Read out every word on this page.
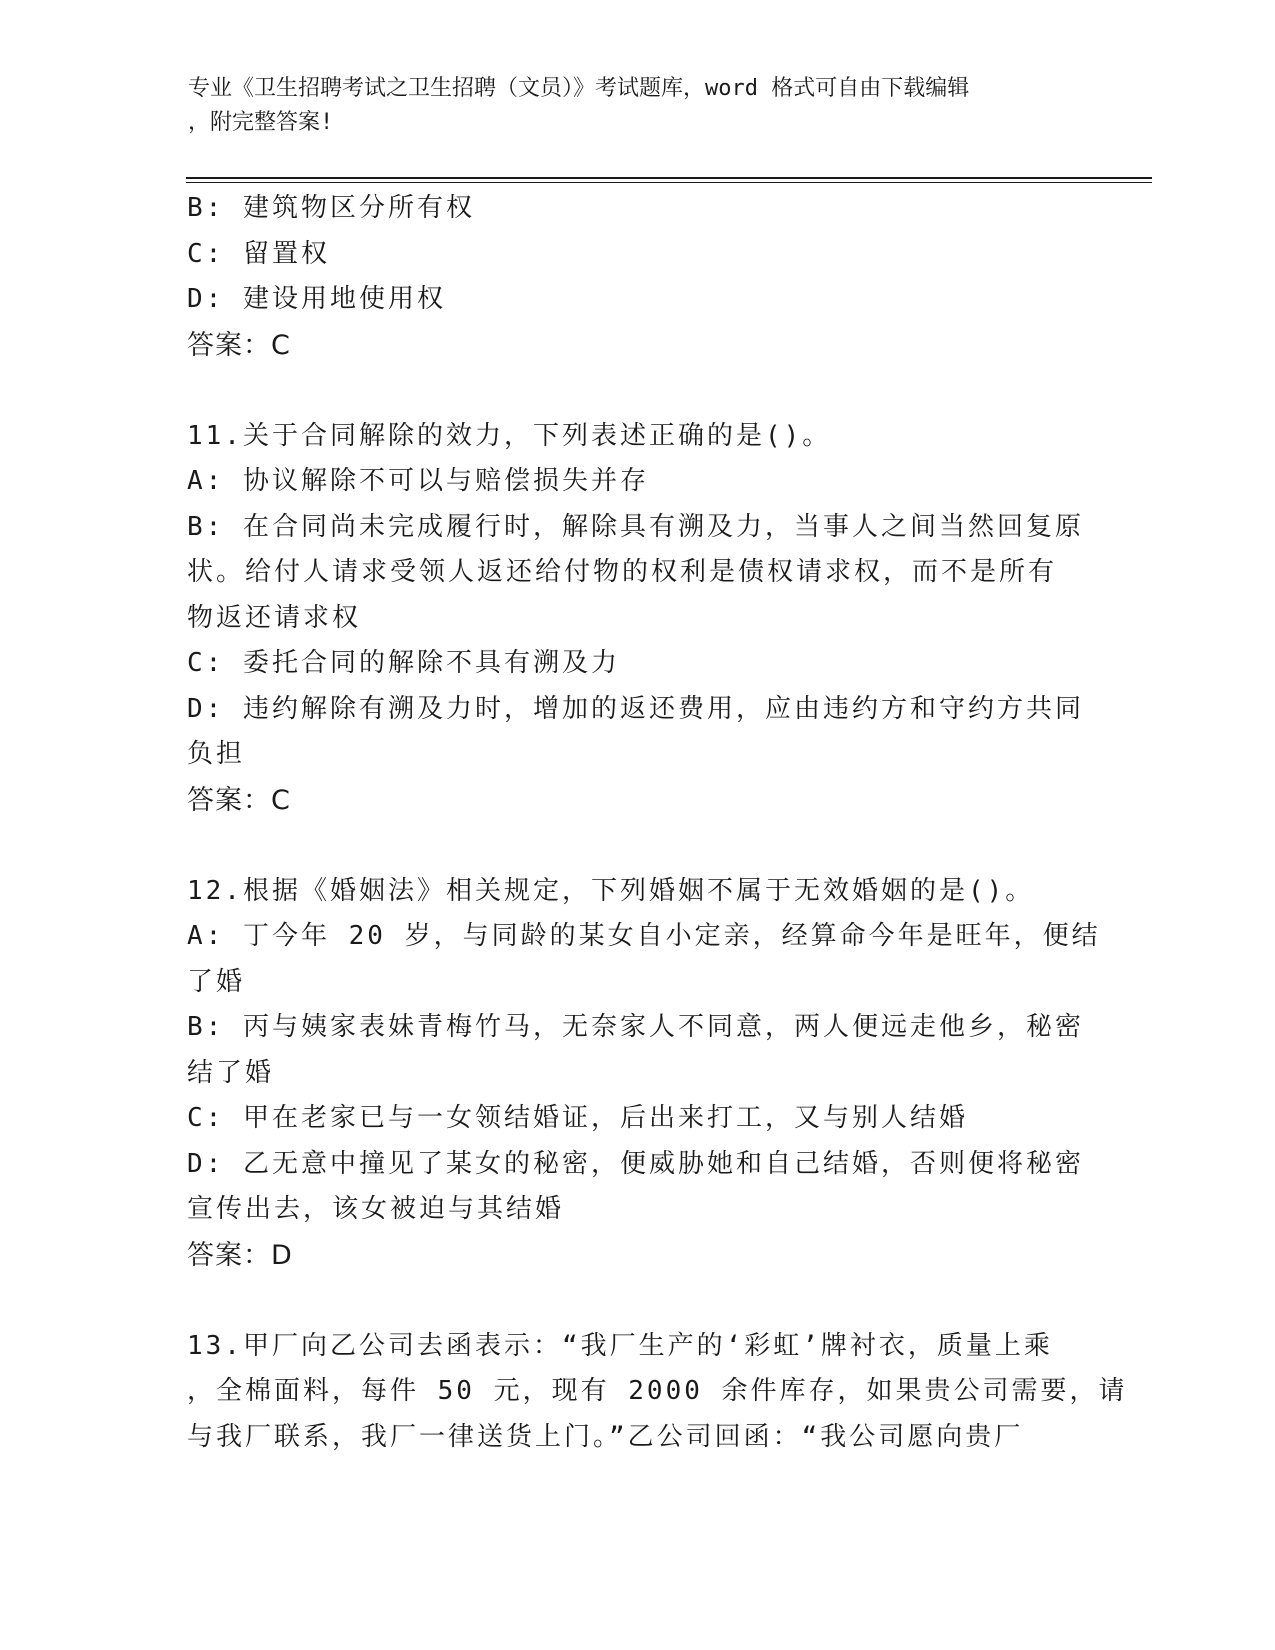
专业《卫生招聘考试之卫生招聘（文员）》考试题库，word 格式可自由下载编辑
，附完整答案!
B: 建筑物区分所有权
C: 留置权
D: 建设用地使用权
答案：C
11.关于合同解除的效力，下列表述正确的是()。
A: 协议解除不可以与赔偿损失并存
B: 在合同尚未完成履行时，解除具有溯及力，当事人之间当然回复原
状。给付人请求受领人返还给付物的权利是债权请求权，而不是所有
物返还请求权
C: 委托合同的解除不具有溯及力
D: 违约解除有溯及力时，增加的返还费用，应由违约方和守约方共同
负担
答案：C
12.根据《婚姻法》相关规定，下列婚姻不属于无效婚姻的是()。
A: 丁今年 20 岁，与同龄的某女自小定亲，经算命今年是旺年，便结
了婚
B: 丙与姨家表妹青梅竹马，无奈家人不同意，两人便远走他乡，秘密
结了婚
C: 甲在老家已与一女领结婚证，后出来打工，又与别人结婚
D: 乙无意中撞见了某女的秘密，便威胁她和自己结婚，否则便将秘密
宣传出去，该女被迫与其结婚
答案：D
13.甲厂向乙公司去函表示：“我厂生产的‘彩虹’牌衬衣，质量上乘
，全棉面料，每件 50 元，现有 2000 余件库存，如果贵公司需要，请
与我厂联系，我厂一律送货上门。”乙公司回函：“我公司愿向贵厂
